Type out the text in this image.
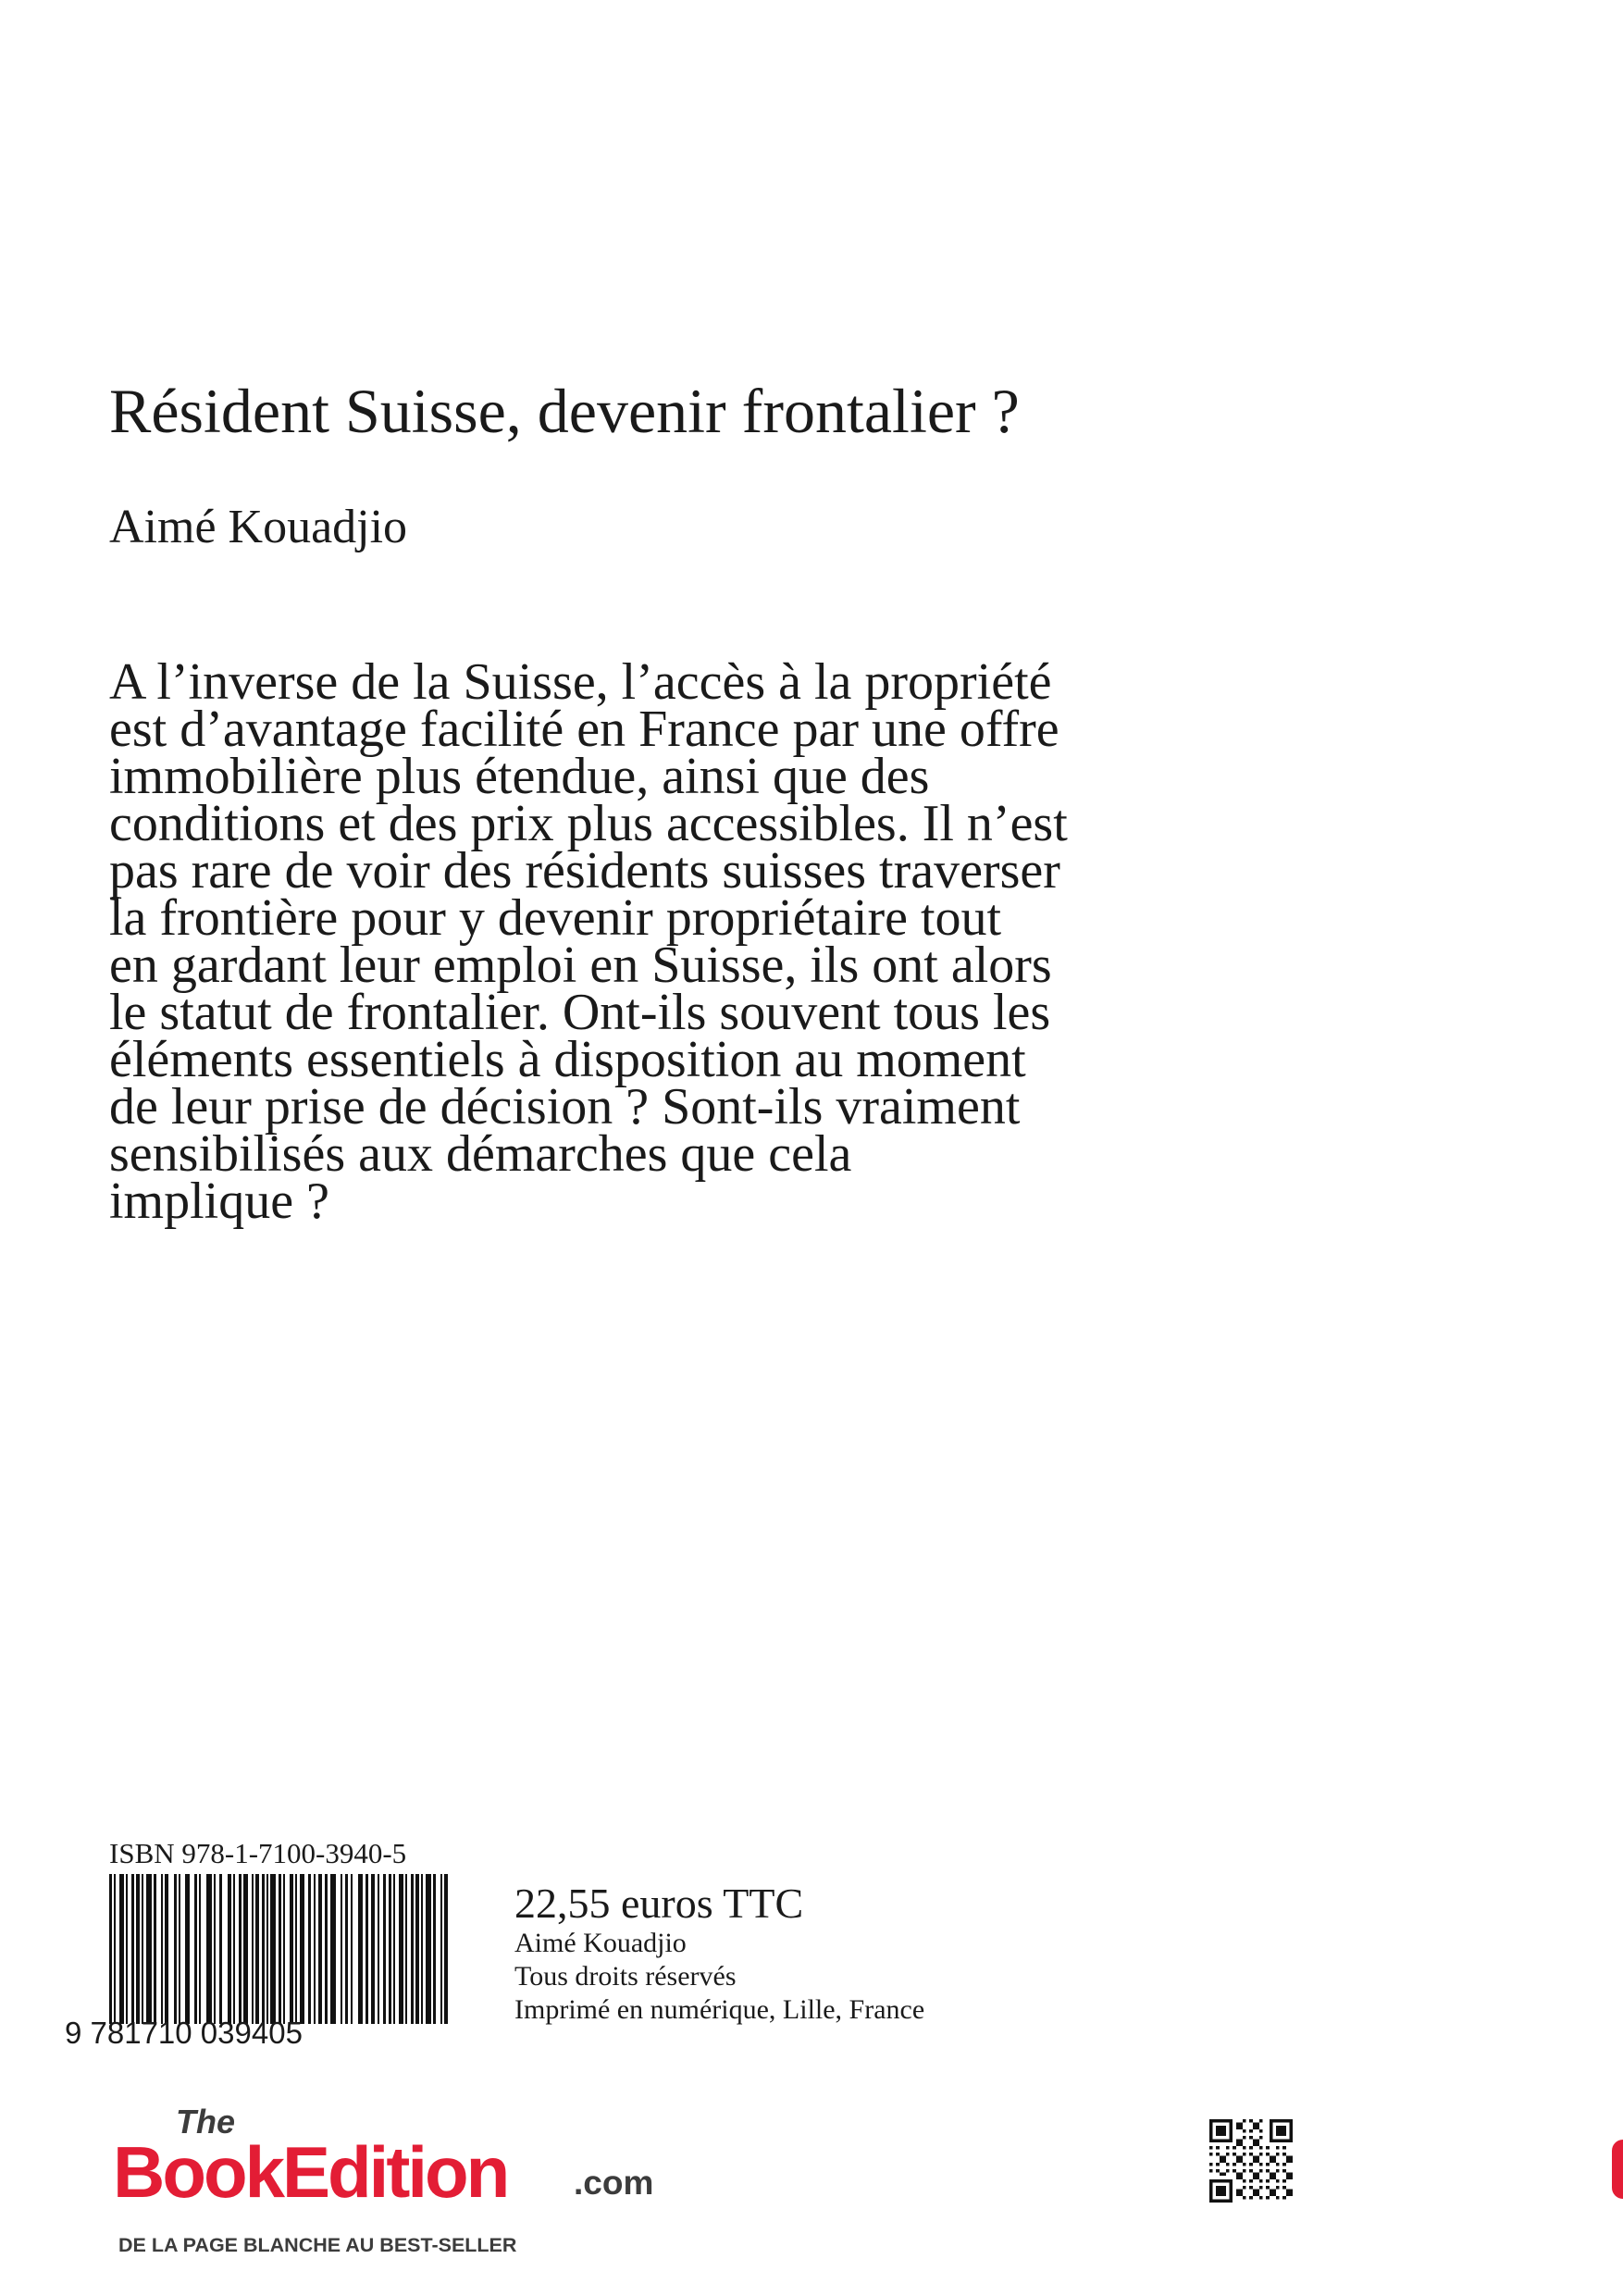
Résident Suisse, devenir frontalier ?
Aimé Kouadjio

A l’inverse de la Suisse, l’accès à la propriété
est d’avantage facilité en France par une offre
immobilière plus étendue, ainsi que des
conditions et des prix plus accessibles. Il n’est
pas rare de voir des résidents suisses traverser
la frontière pour y devenir propriétaire tout
en gardant leur emploi en Suisse, ils ont alors
le statut de frontalier. Ont-ils souvent tous les
éléments essentiels à disposition au moment
de leur prise de décision ? Sont-ils vraiment
sensibilisés aux démarches que cela
implique ?

ISBN 978-1-7100-3940-5
9 781710 039405
22,55 euros TTC
Aimé Kouadjio
Tous droits réservés
Imprimé en numérique, Lille, France
The
BookEdition .com
DE LA PAGE BLANCHE AU BEST-SELLER
